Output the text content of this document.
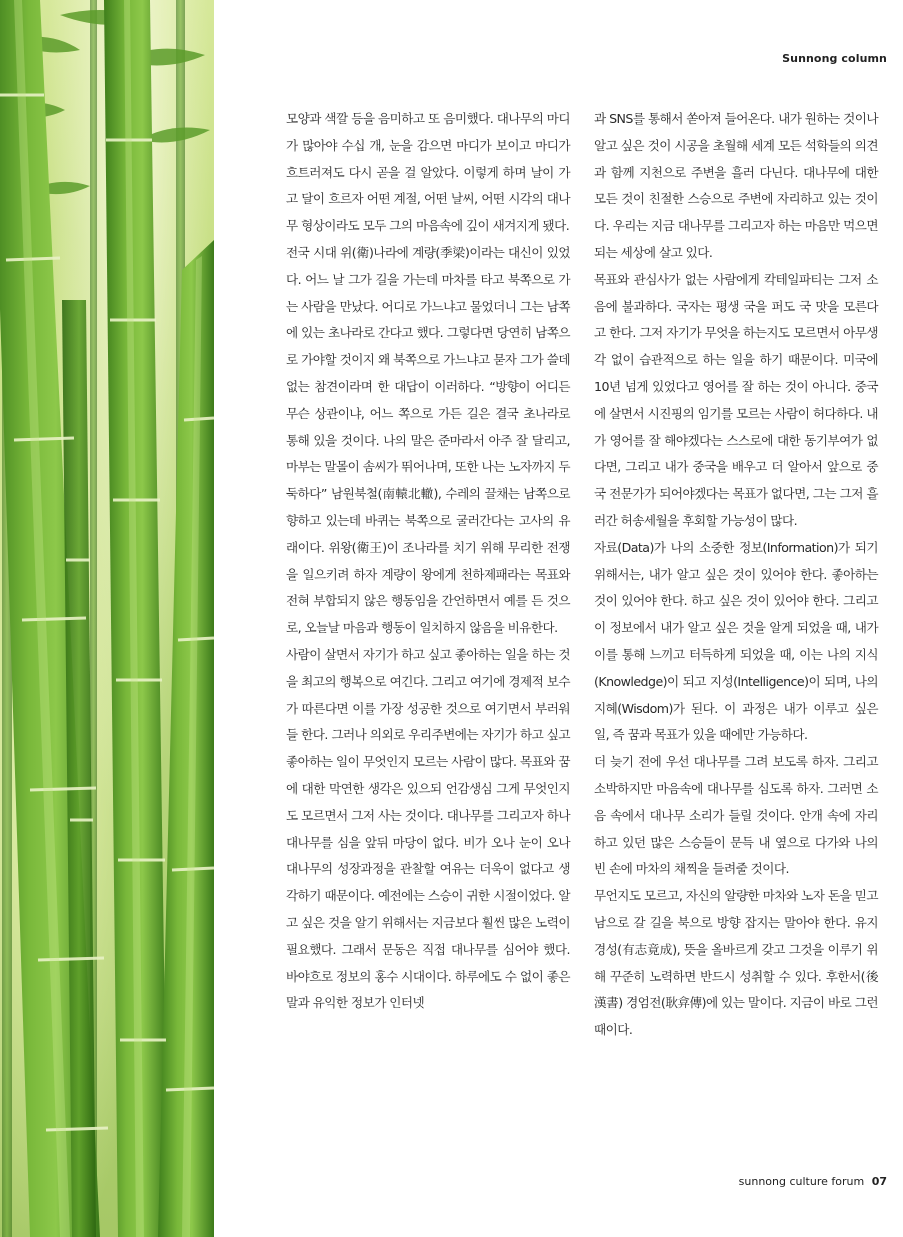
Sunnong column

모양과 색깔 등을 음미하고 또 음미했다. 대나무의 마디가 많아야 수십 개, 눈을 감으면 마디가 보이고 마디가 흐트러져도 다시 곧을 걸 알았다. 이렇게 하며 날이 가고 달이 흐르자 어떤 계절, 어떤 날씨, 어떤 시각의 대나무 형상이라도 모두 그의 마음속에 깊이 새겨지게 됐다.

전국 시대 위(衛)나라에 계량(季梁)이라는 대신이 있었다. 어느 날 그가 길을 가는데 마차를 타고 북쪽으로 가는 사람을 만났다. 어디로 가느냐고 물었더니 그는 남쪽에 있는 초나라로 간다고 했다. 그렇다면 당연히 남쪽으로 가야할 것이지 왜 북쪽으로 가느냐고 묻자 그가 쓸데없는 참견이라며 한 대답이 이러하다. “방향이 어디든 무슨 상관이냐, 어느 쪽으로 가든 길은 결국 초나라로 통해 있을 것이다. 나의 말은 준마라서 아주 잘 달리고, 마부는 말몰이 솜씨가 뛰어나며, 또한 나는 노자까지 두둑하다” 남원북철(南轅北轍), 수레의 끌채는 남쪽으로 향하고 있는데 바퀴는 북쪽으로 굴러간다는 고사의 유래이다. 위왕(衛王)이 조나라를 치기 위해 무리한 전쟁을 일으키려 하자 계량이 왕에게 천하제패라는 목표와 전혀 부합되지 않은 행동임을 간언하면서 예를 든 것으로, 오늘날 마음과 행동이 일치하지 않음을 비유한다.

사람이 살면서 자기가 하고 싶고 좋아하는 일을 하는 것을 최고의 행복으로 여긴다. 그리고 여기에 경제적 보수가 따른다면 이를 가장 성공한 것으로 여기면서 부러워들 한다. 그러나 의외로 우리주변에는 자기가 하고 싶고 좋아하는 일이 무엇인지 모르는 사람이 많다. 목표와 꿈에 대한 막연한 생각은 있으되 언감생심 그게 무엇인지도 모르면서 그저 사는 것이다. 대나무를 그리고자 하나 대나무를 심을 앞뒤 마당이 없다. 비가 오나 눈이 오나 대나무의 성장과정을 관찰할 여유는 더욱이 없다고 생각하기 때문이다. 예전에는 스승이 귀한 시절이었다. 알고 싶은 것을 알기 위해서는 지금보다 훨씬 많은 노력이 필요했다. 그래서 문동은 직접 대나무를 심어야 했다. 바야흐로 정보의 홍수 시대이다. 하루에도 수 없이 좋은 말과 유익한 정보가 인터넷

과 SNS를 통해서 쏟아져 들어온다. 내가 원하는 것이나 알고 싶은 것이 시공을 초월해 세계 모든 석학들의 의견과 함께 지천으로 주변을 흘러 다닌다. 대나무에 대한 모든 것이 친절한 스승으로 주변에 자리하고 있는 것이다. 우리는 지금 대나무를 그리고자 하는 마음만 먹으면 되는 세상에 살고 있다.

목표와 관심사가 없는 사람에게 칵테일파티는 그저 소음에 불과하다. 국자는 평생 국을 퍼도 국 맛을 모른다고 한다. 그저 자기가 무엇을 하는지도 모르면서 아무생각 없이 습관적으로 하는 일을 하기 때문이다. 미국에 10년 넘게 있었다고 영어를 잘 하는 것이 아니다. 중국에 살면서 시진핑의 임기를 모르는 사람이 허다하다. 내가 영어를 잘 해야겠다는 스스로에 대한 동기부여가 없다면, 그리고 내가 중국을 배우고 더 알아서 앞으로 중국 전문가가 되어야겠다는 목표가 없다면, 그는 그저 흘러간 허송세월을 후회할 가능성이 많다.

자료(Data)가 나의 소중한 정보(Information)가 되기 위해서는, 내가 알고 싶은 것이 있어야 한다. 좋아하는 것이 있어야 한다. 하고 싶은 것이 있어야 한다. 그리고 이 정보에서 내가 알고 싶은 것을 알게 되었을 때, 내가 이를 통해 느끼고 터득하게 되었을 때, 이는 나의 지식(Knowledge)이 되고 지성(Intelligence)이 되며, 나의 지혜(Wisdom)가 된다. 이 과정은 내가 이루고 싶은 일, 즉 꿈과 목표가 있을 때에만 가능하다.

더 늦기 전에 우선 대나무를 그려 보도록 하자. 그리고 소박하지만 마음속에 대나무를 심도록 하자. 그러면 소음 속에서 대나무 소리가 들릴 것이다. 안개 속에 자리하고 있던 많은 스승들이 문득 내 옆으로 다가와 나의 빈 손에 마차의 채찍을 들려줄 것이다.

무언지도 모르고, 자신의 알량한 마차와 노자 돈을 믿고 남으로 갈 길을 북으로 방향 잡지는 말아야 한다. 유지경성(有志竟成), 뜻을 올바르게 갖고 그것을 이루기 위해 꾸준히 노력하면 반드시 성취할 수 있다. 후한서(後漢書) 경엄전(耿弇傳)에 있는 말이다. 지금이 바로 그런 때이다.

sunnong culture forum 07
